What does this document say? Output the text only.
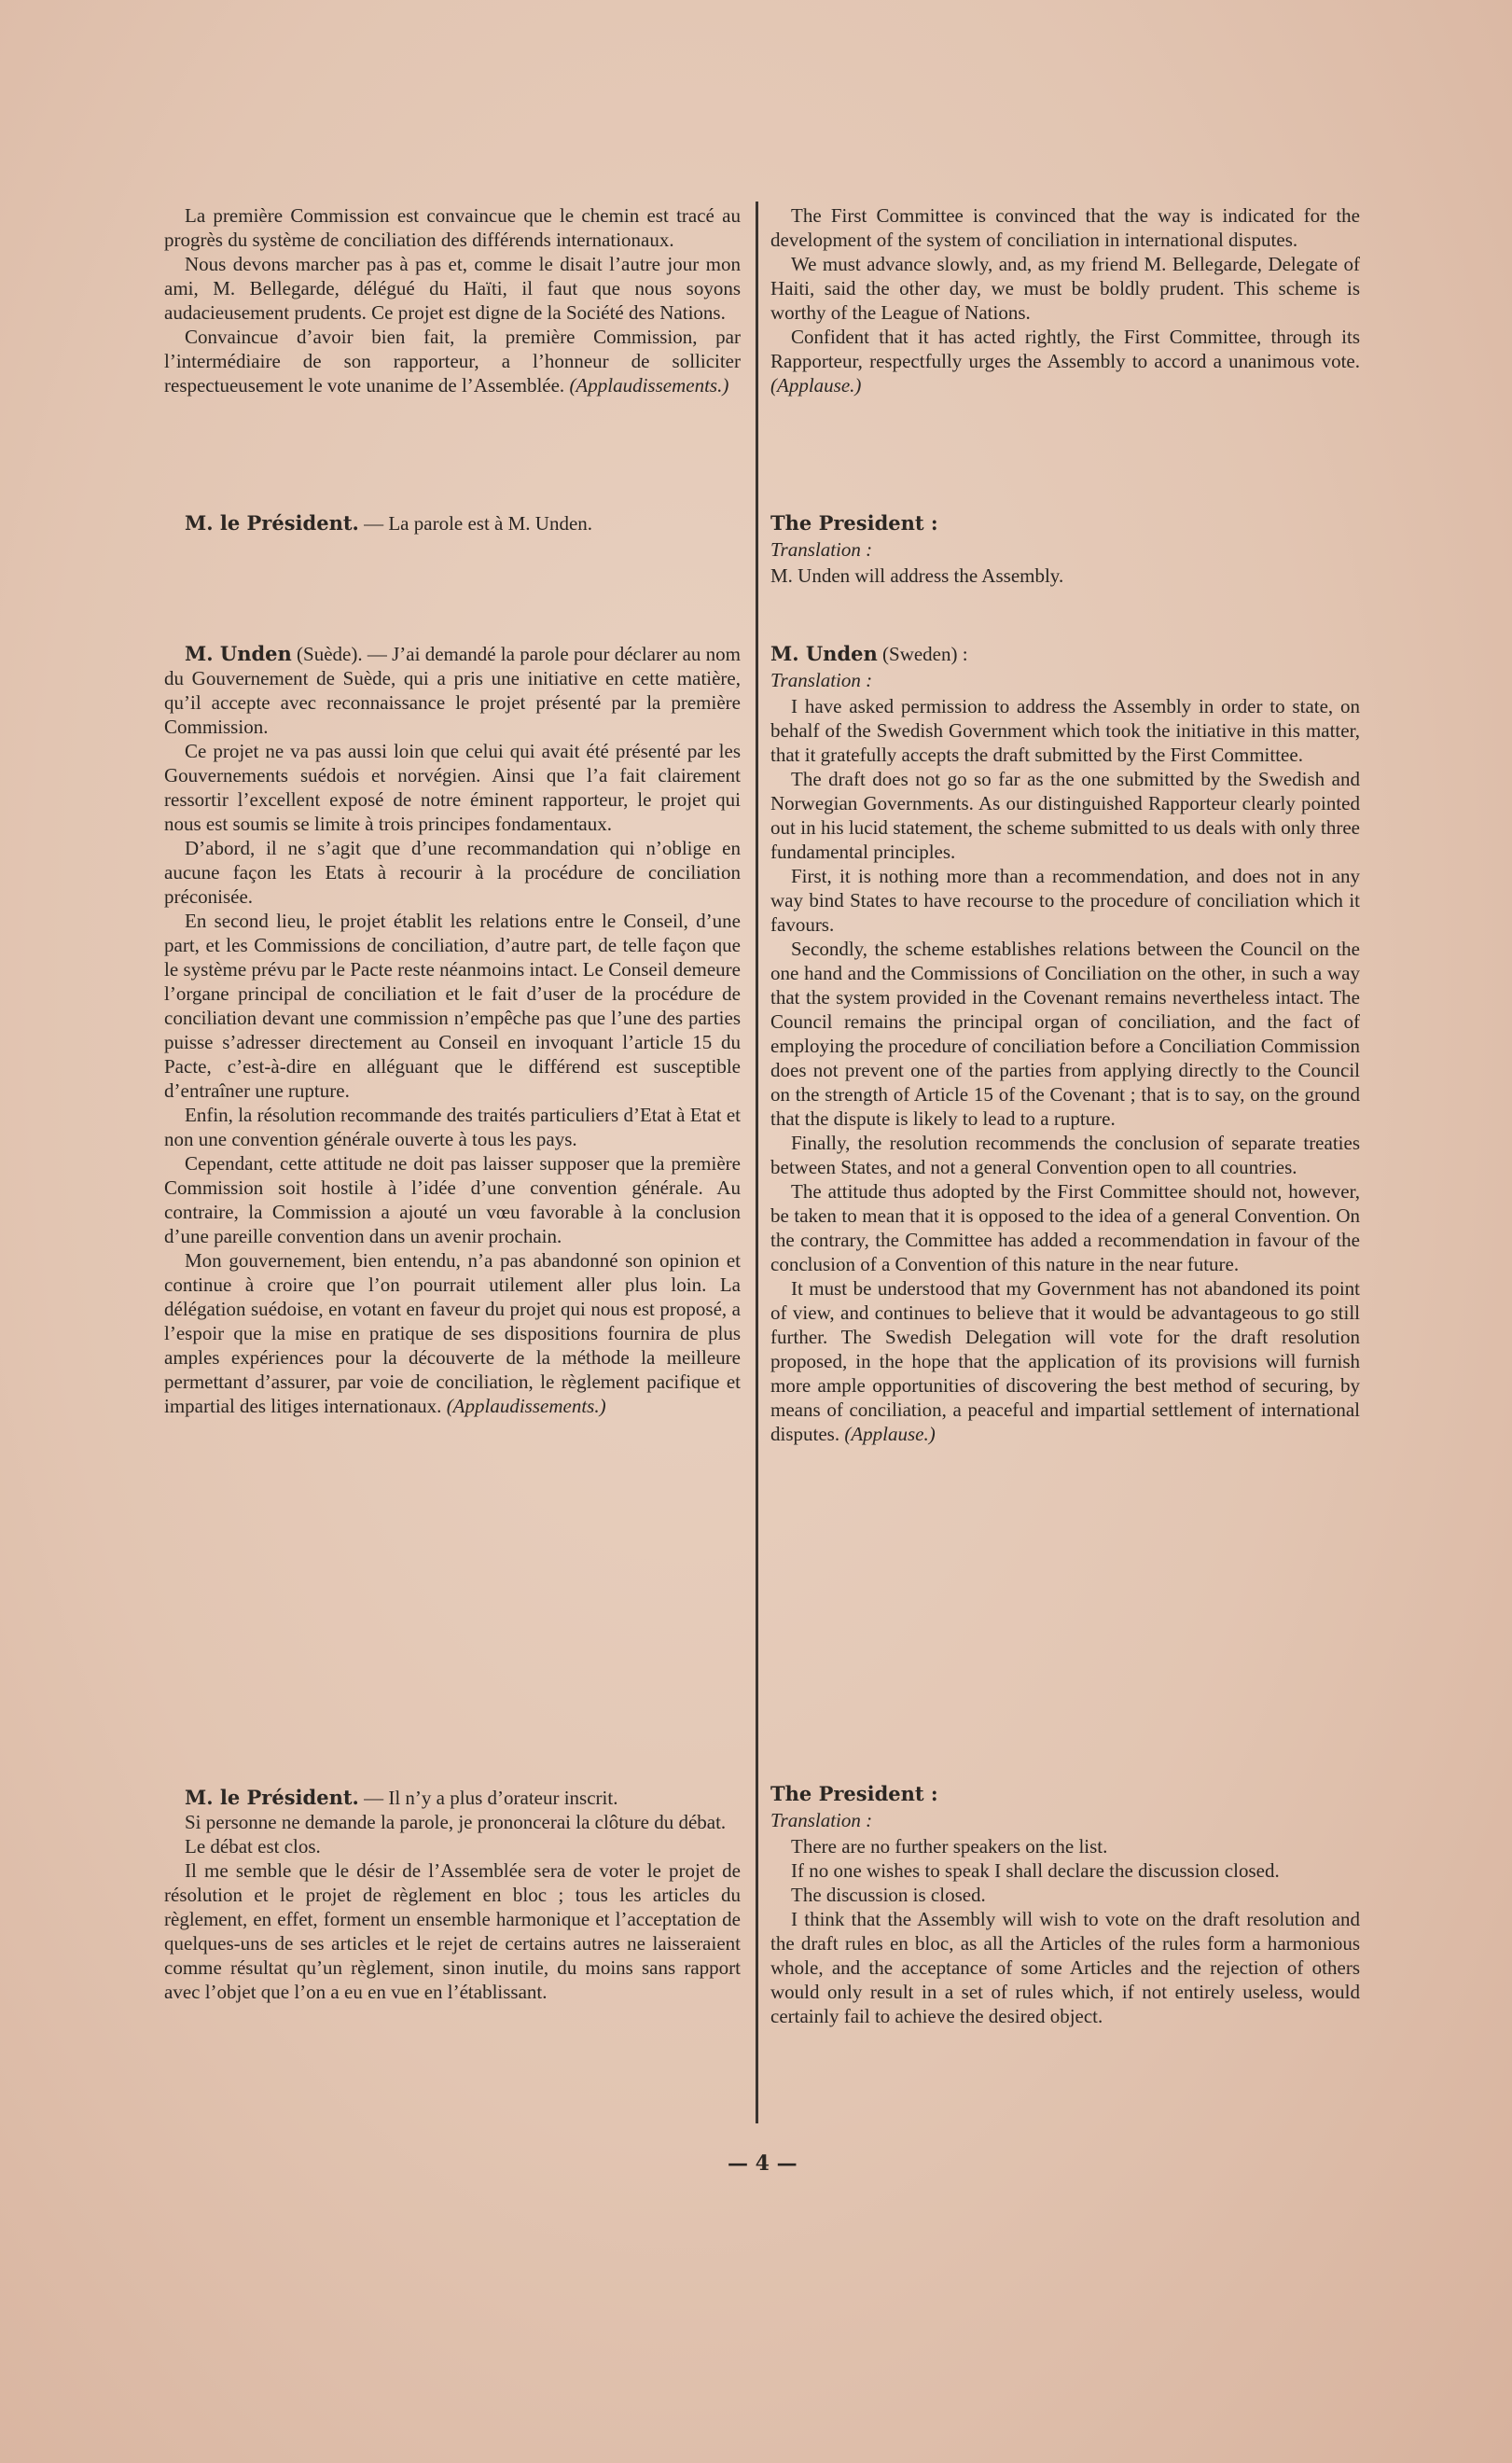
La première Commission est convaincue que le chemin est tracé au progrès du système de conciliation des différends internationaux.

Nous devons marcher pas à pas et, comme le disait l’autre jour mon ami, M. Bellegarde, délégué du Haïti, il faut que nous soyons audacieusement prudents. Ce projet est digne de la Société des Nations.

Convaincue d’avoir bien fait, la première Commission, par l’intermédiaire de son rapporteur, a l’honneur de solliciter respectueusement le vote unanime de l’Assemblée. (Applaudissements.)

M. le Président. — La parole est à M. Unden.

M. Unden (Suède). — J’ai demandé la parole pour déclarer au nom du Gouvernement de Suède, qui a pris une initiative en cette matière, qu’il accepte avec reconnaissance le projet présenté par la première Commission.

Ce projet ne va pas aussi loin que celui qui avait été présenté par les Gouvernements suédois et norvégien. Ainsi que l’a fait clairement ressortir l’excellent exposé de notre éminent rapporteur, le projet qui nous est soumis se limite à trois principes fondamentaux.

D’abord, il ne s’agit que d’une recommandation qui n’oblige en aucune façon les Etats à recourir à la procédure de conciliation préconisée.

En second lieu, le projet établit les relations entre le Conseil, d’une part, et les Commissions de conciliation, d’autre part, de telle façon que le système prévu par le Pacte reste néanmoins intact. Le Conseil demeure l’organe principal de conciliation et le fait d’user de la procédure de conciliation devant une commission n’empêche pas que l’une des parties puisse s’adresser directement au Conseil en invoquant l’article 15 du Pacte, c’est-à-dire en alléguant que le différend est susceptible d’entraîner une rupture.

Enfin, la résolution recommande des traités particuliers d’Etat à Etat et non une convention générale ouverte à tous les pays.

Cependant, cette attitude ne doit pas laisser supposer que la première Commission soit hostile à l’idée d’une convention générale. Au contraire, la Commission a ajouté un vœu favorable à la conclusion d’une pareille convention dans un avenir prochain.

Mon gouvernement, bien entendu, n’a pas abandonné son opinion et continue à croire que l’on pourrait utilement aller plus loin. La délégation suédoise, en votant en faveur du projet qui nous est proposé, a l’espoir que la mise en pratique de ses dispositions fournira de plus amples expériences pour la découverte de la méthode la meilleure permettant d’assurer, par voie de conciliation, le règlement pacifique et impartial des litiges internationaux. (Applaudissements.)

M. le Président. — Il n’y a plus d’orateur inscrit.

Si personne ne demande la parole, je prononcerai la clôture du débat.

Le débat est clos.

Il me semble que le désir de l’Assemblée sera de voter le projet de résolution et le projet de règlement en bloc ; tous les articles du règlement, en effet, forment un ensemble harmonique et l’acceptation de quelques-uns de ses articles et le rejet de certains autres ne laisseraient comme résultat qu’un règlement, sinon inutile, du moins sans rapport avec l’objet que l’on a eu en vue en l’établissant.

The First Committee is convinced that the way is indicated for the development of the system of conciliation in international disputes.

We must advance slowly, and, as my friend M. Bellegarde, Delegate of Haiti, said the other day, we must be boldly prudent. This scheme is worthy of the League of Nations.

Confident that it has acted rightly, the First Committee, through its Rapporteur, respectfully urges the Assembly to accord a unanimous vote. (Applause.)

The President :

Translation :

M. Unden will address the Assembly.

M. Unden (Sweden) :

Translation :

I have asked permission to address the Assembly in order to state, on behalf of the Swedish Government which took the initiative in this matter, that it gratefully accepts the draft submitted by the First Committee.

The draft does not go so far as the one submitted by the Swedish and Norwegian Governments. As our distinguished Rapporteur clearly pointed out in his lucid statement, the scheme submitted to us deals with only three fundamental principles.

First, it is nothing more than a recommendation, and does not in any way bind States to have recourse to the procedure of conciliation which it favours.

Secondly, the scheme establishes relations between the Council on the one hand and the Commissions of Conciliation on the other, in such a way that the system provided in the Covenant remains nevertheless intact. The Council remains the principal organ of conciliation, and the fact of employing the procedure of conciliation before a Conciliation Commission does not prevent one of the parties from applying directly to the Council on the strength of Article 15 of the Covenant ; that is to say, on the ground that the dispute is likely to lead to a rupture.

Finally, the resolution recommends the conclusion of separate treaties between States, and not a general Convention open to all countries.

The attitude thus adopted by the First Committee should not, however, be taken to mean that it is opposed to the idea of a general Convention. On the contrary, the Committee has added a recommendation in favour of the conclusion of a Convention of this nature in the near future.

It must be understood that my Government has not abandoned its point of view, and continues to believe that it would be advantageous to go still further. The Swedish Delegation will vote for the draft resolution proposed, in the hope that the application of its provisions will furnish more ample opportunities of discovering the best method of securing, by means of conciliation, a peaceful and impartial settlement of international disputes. (Applause.)

The President :

Translation :

There are no further speakers on the list.

If no one wishes to speak I shall declare the discussion closed.

The discussion is closed.

I think that the Assembly will wish to vote on the draft resolution and the draft rules en bloc, as all the Articles of the rules form a harmonious whole, and the acceptance of some Articles and the rejection of others would only result in a set of rules which, if not entirely useless, would certainly fail to achieve the desired object.

— 4 —
